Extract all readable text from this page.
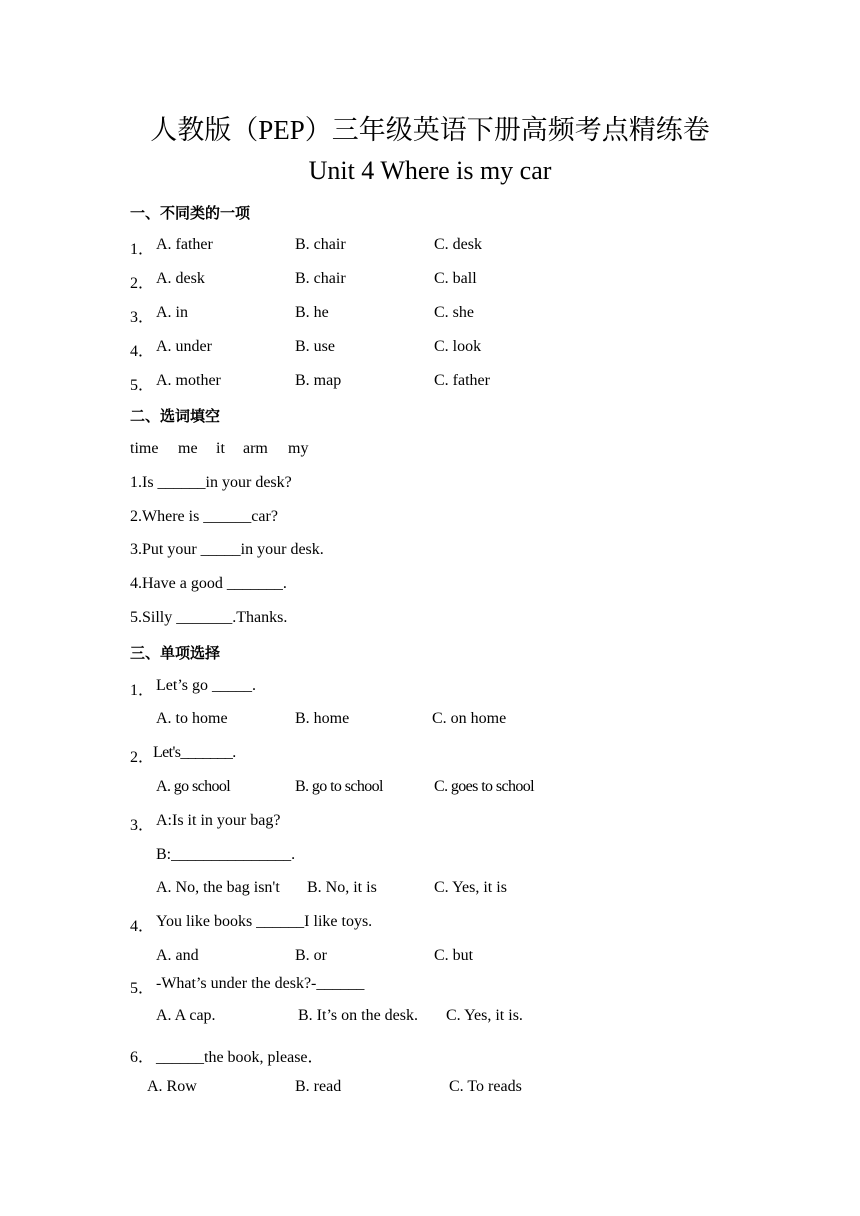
人教版（PEP）三年级英语下册高频考点精练卷
Unit 4 Where is my car
一、不同类的一项
1． A. father	B. chair	C. desk
2． A. desk	B. chair	C. ball
3． A. in	B. he	C. she
4． A. under	B. use	C. look
5． A. mother	B. map	C. father
二、选词填空
time me it arm my
1.Is ______in your desk?
2.Where is ______car?
3.Put your _____in your desk.
4.Have a good _______.
5.Silly _______.Thanks.
三、单项选择
1． Let’s go _____.
A. to home	B. home	C. on home
2．
Let's_______.
A. go school	B. go to school	C. goes to school
3． A:Is it in your bag?
B:_______________.
A. No, the bag isn't B. No, it is	C. Yes, it is
4． You like books ______I like toys.
A. and	B. or	C. but
5． -What’s under the desk?-______
A. A cap.	B. It’s on the desk. C. Yes, it is.
6． ______the book, please．
A. Row	B. read	C. To reads
